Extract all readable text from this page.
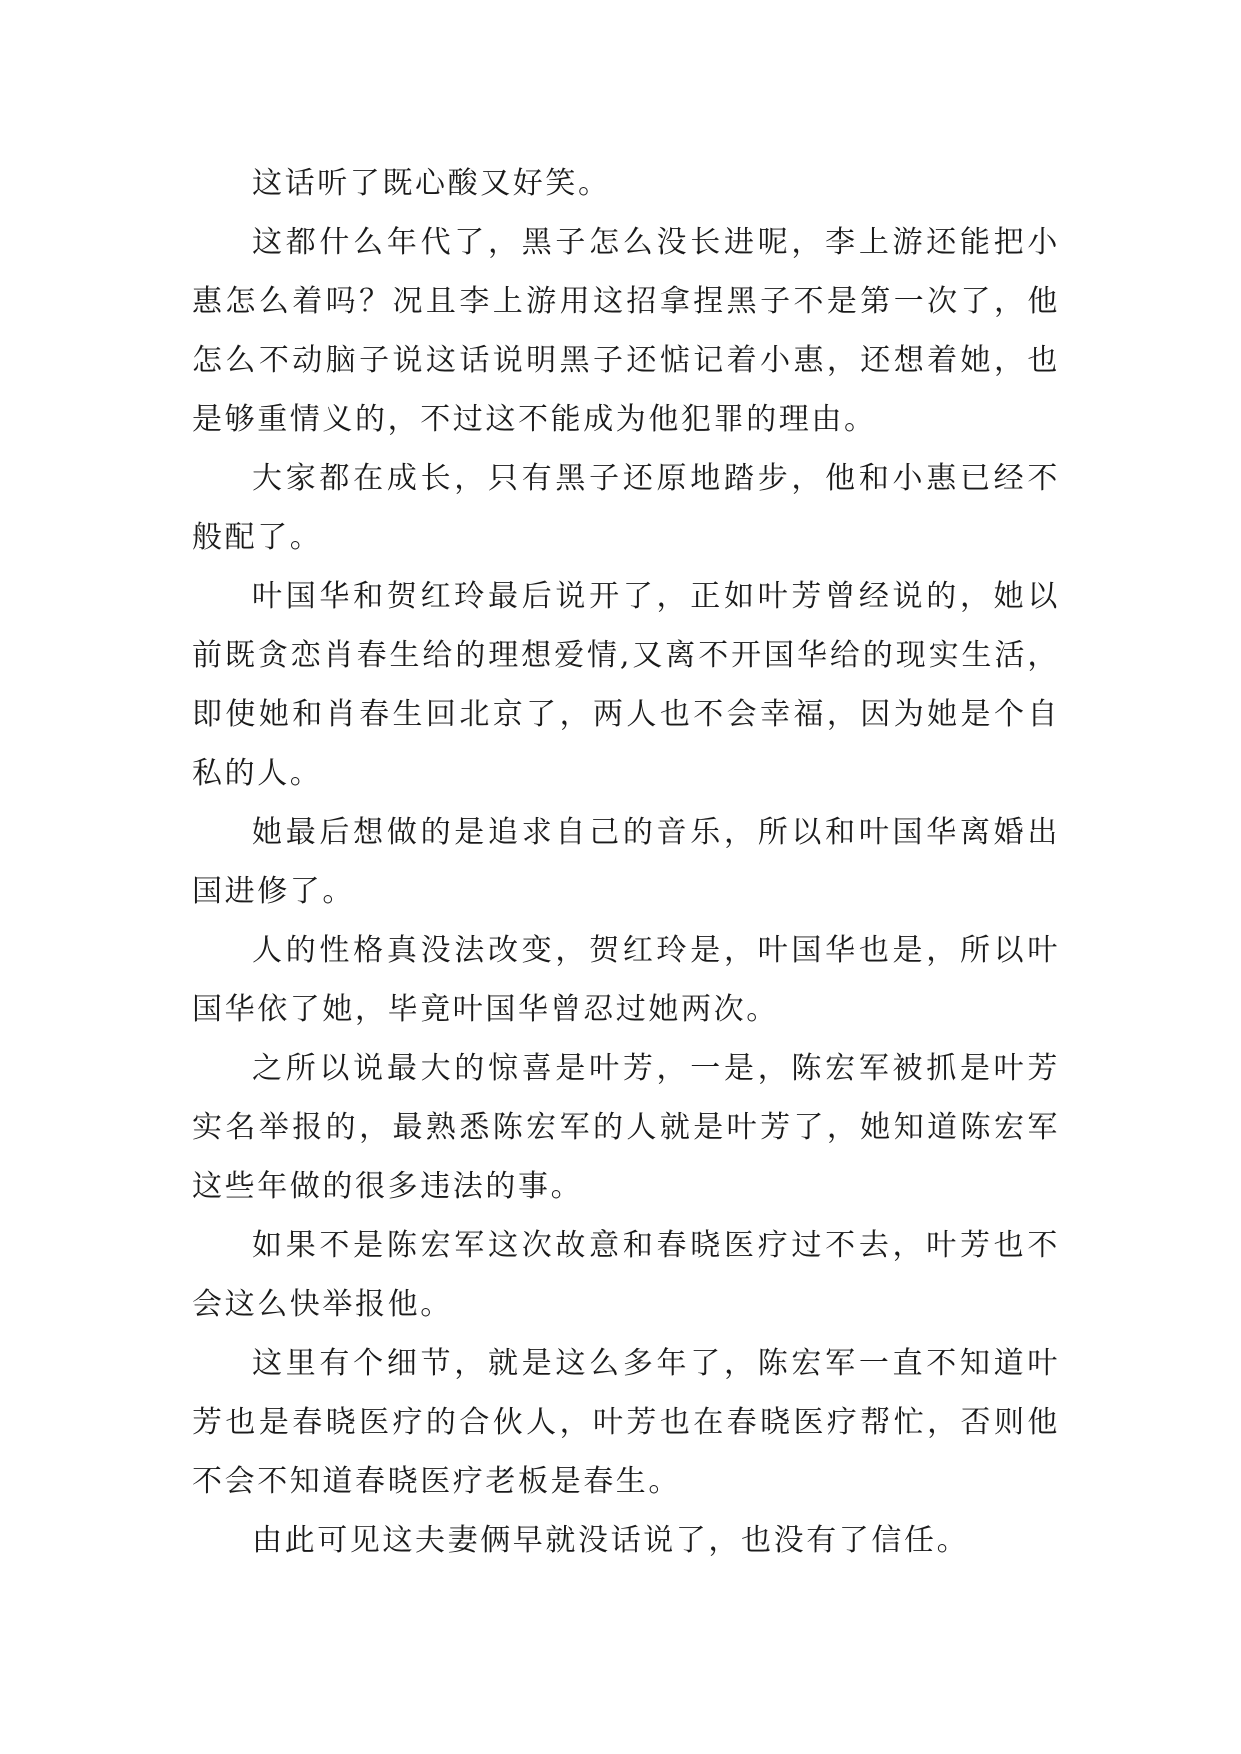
这话听了既心酸又好笑。

这都什么年代了，黑子怎么没长进呢，李上游还能把小惠怎么着吗？况且李上游用这招拿捏黑子不是第一次了，他怎么不动脑子说这话说明黑子还惦记着小惠，还想着她，也是够重情义的，不过这不能成为他犯罪的理由。

大家都在成长，只有黑子还原地踏步，他和小惠已经不般配了。

叶国华和贺红玲最后说开了，正如叶芳曾经说的，她以前既贪恋肖春生给的理想爱情,又离不开国华给的现实生活，即使她和肖春生回北京了，两人也不会幸福，因为她是个自私的人。

她最后想做的是追求自己的音乐，所以和叶国华离婚出国进修了。

人的性格真没法改变，贺红玲是，叶国华也是，所以叶国华依了她，毕竟叶国华曾忍过她两次。

之所以说最大的惊喜是叶芳，一是，陈宏军被抓是叶芳实名举报的，最熟悉陈宏军的人就是叶芳了，她知道陈宏军这些年做的很多违法的事。

如果不是陈宏军这次故意和春晓医疗过不去，叶芳也不会这么快举报他。

这里有个细节，就是这么多年了，陈宏军一直不知道叶芳也是春晓医疗的合伙人，叶芳也在春晓医疗帮忙，否则他不会不知道春晓医疗老板是春生。

由此可见这夫妻俩早就没话说了，也没有了信任。
